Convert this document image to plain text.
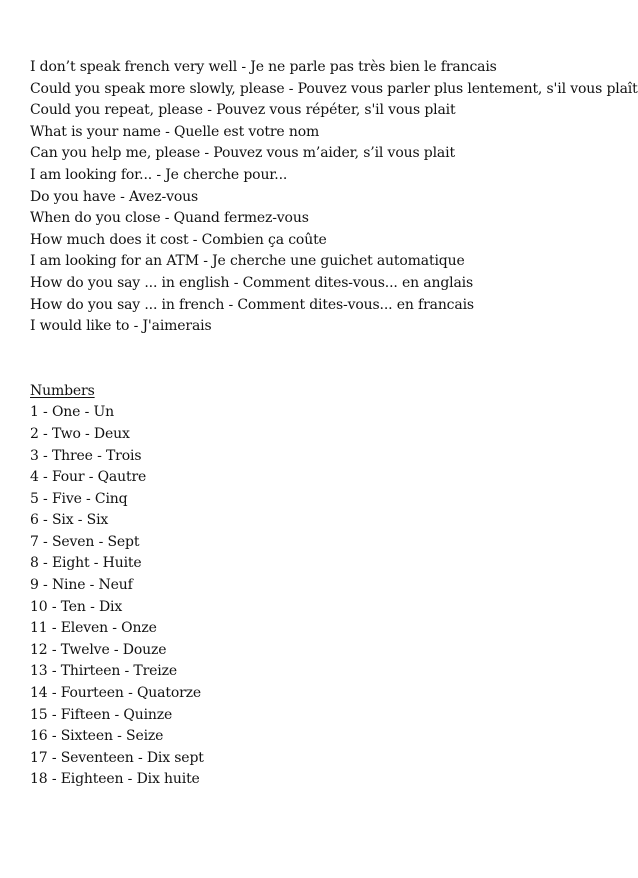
I don’t speak french very well - Je ne parle pas très bien le francais
Could you speak more slowly, please - Pouvez vous parler plus lentement, s'il vous plaît
Could you repeat, please - Pouvez vous répéter, s'il vous plait
What is your name - Quelle est votre nom
Can you help me, please - Pouvez vous m’aider, s’il vous plait
I am looking for... - Je cherche pour...
Do you have - Avez-vous
When do you close - Quand fermez-vous
How much does it cost - Combien ça coûte
I am looking for an ATM - Je cherche une guichet automatique
How do you say ... in english - Comment dites-vous... en anglais
How do you say ... in french - Comment dites-vous... en francais
I would like to - J'aimerais
Numbers
1 - One - Un
2 - Two - Deux
3 - Three - Trois
4 - Four - Qautre
5 - Five - Cinq
6 - Six - Six
7 - Seven - Sept
8 - Eight - Huite
9 - Nine - Neuf
10 - Ten - Dix
11 - Eleven - Onze
12 - Twelve - Douze
13 - Thirteen - Treize
14 - Fourteen - Quatorze
15 - Fifteen - Quinze
16 - Sixteen - Seize
17 - Seventeen - Dix sept
18 - Eighteen - Dix huite
